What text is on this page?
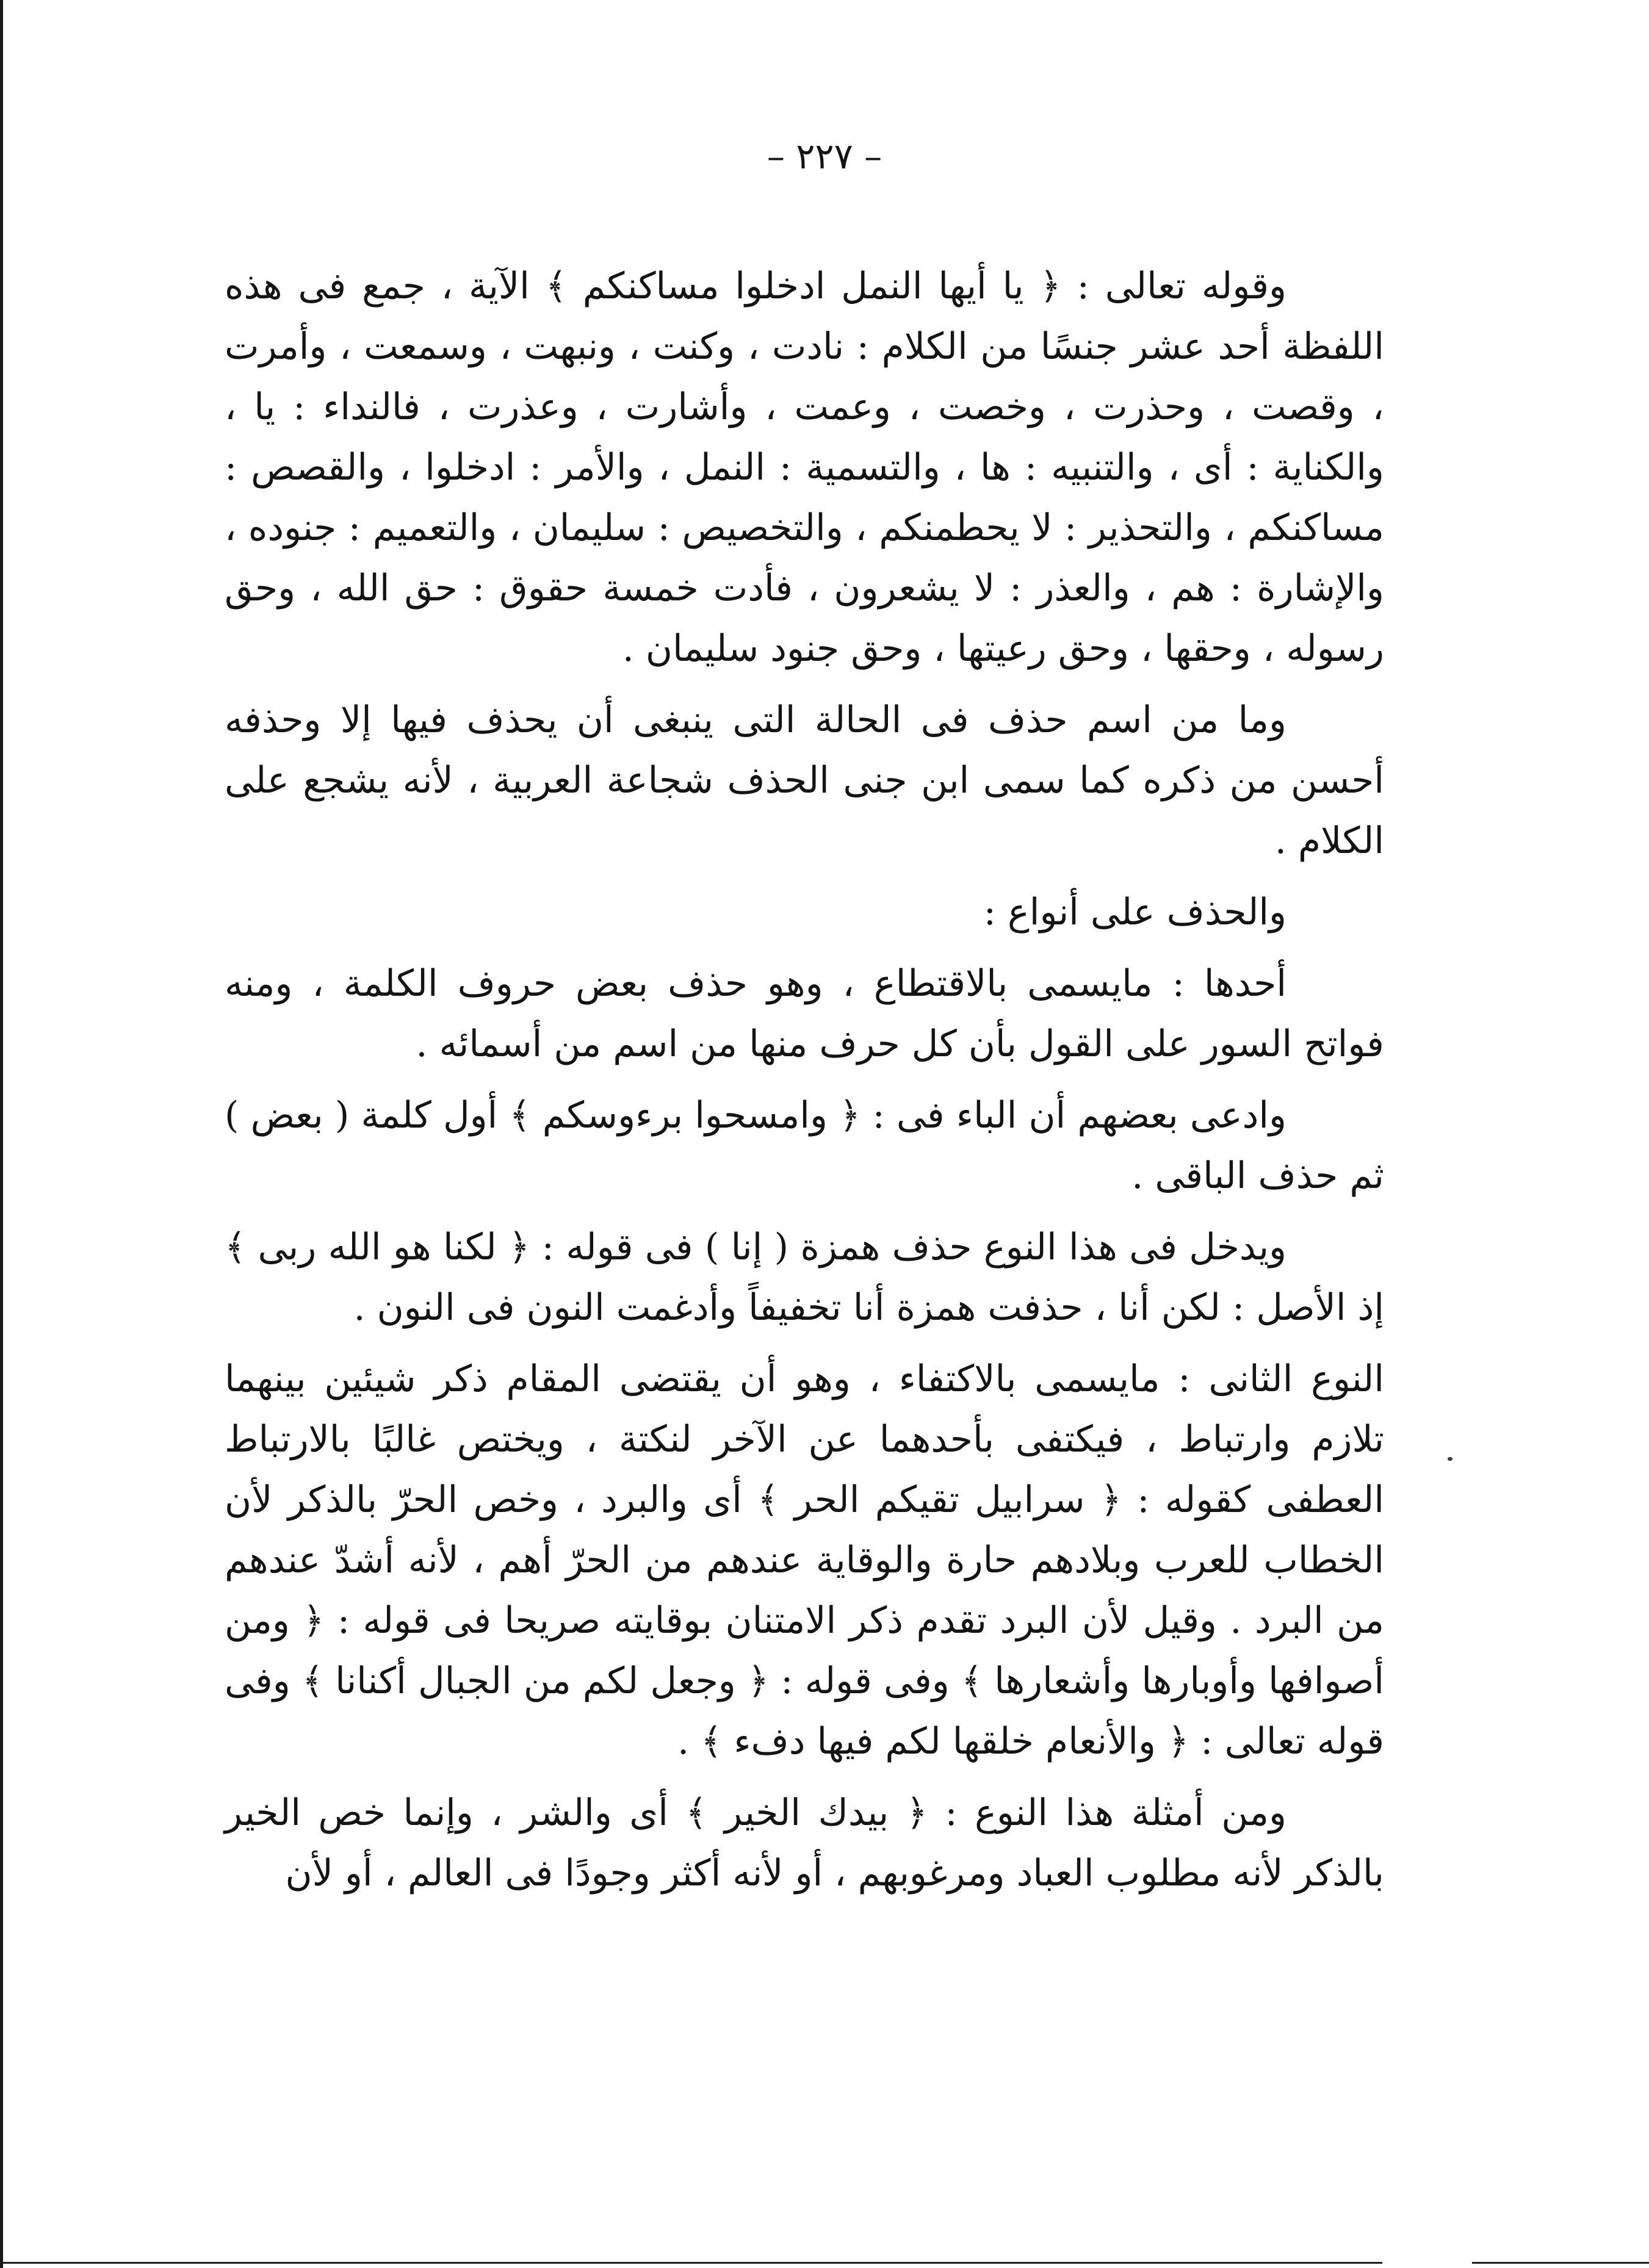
– ٢٢٧ –

وقوله تعالى : ﴿ يا أيها النمل ادخلوا مساكنكم ﴾ الآية ، جمع فى هذه اللفظة أحد عشر جنسًا من الكلام : نادت ، وكنت ، ونبهت ، وسمعت ، وأمرت ، وقصت ، وحذرت ، وخصت ، وعمت ، وأشارت ، وعذرت ، فالنداء : يا ، والكناية : أى ، والتنبيه : ها ، والتسمية : النمل ، والأمر : ادخلوا ، والقصص : مساكنكم ، والتحذير : لا يحطمنكم ، والتخصيص : سليمان ، والتعميم : جنوده ، والإشارة : هم ، والعذر : لا يشعرون ، فأدت خمسة حقوق : حق الله ، وحق رسوله ، وحقها ، وحق رعيتها ، وحق جنود سليمان .

وما من اسم حذف فى الحالة التى ينبغى أن يحذف فيها إلا وحذفه أحسن من ذكره كما سمى ابن جنى الحذف شجاعة العربية ، لأنه يشجع على الكلام .

والحذف على أنواع :

أحدها : مايسمى بالاقتطاع ، وهو حذف بعض حروف الكلمة ، ومنه فواتح السور على القول بأن كل حرف منها من اسم من أسمائه .

وادعى بعضهم أن الباء فى : ﴿ وامسحوا برءوسكم ﴾ أول كلمة ( بعض ) ثم حذف الباقى .

ويدخل فى هذا النوع حذف همزة ( إنا ) فى قوله : ﴿ لكنا هو الله ربى ﴾ إذ الأصل : لكن أنا ، حذفت همزة أنا تخفيفاً وأدغمت النون فى النون .

النوع الثانى : مايسمى بالاكتفاء ، وهو أن يقتضى المقام ذكر شيئين بينهما تلازم وارتباط ، فيكتفى بأحدهما عن الآخر لنكتة ، ويختص غالبًا بالارتباط العطفى كقوله : ﴿ سرابيل تقيكم الحر ﴾ أى والبرد ، وخص الحرّ بالذكر لأن الخطاب للعرب وبلادهم حارة والوقاية عندهم من الحرّ أهم ، لأنه أشدّ عندهم من البرد . وقيل لأن البرد تقدم ذكر الامتنان بوقايته صريحا فى قوله : ﴿ ومن أصوافها وأوبارها وأشعارها ﴾ وفى قوله : ﴿ وجعل لكم من الجبال أكنانا ﴾ وفى قوله تعالى : ﴿ والأنعام خلقها لكم فيها دفء ﴾ .

ومن أمثلة هذا النوع : ﴿ بيدك الخير ﴾ أى والشر ، وإنما خص الخير بالذكر لأنه مطلوب العباد ومرغوبهم ، أو لأنه أكثر وجودًا فى العالم ، أو لأن
